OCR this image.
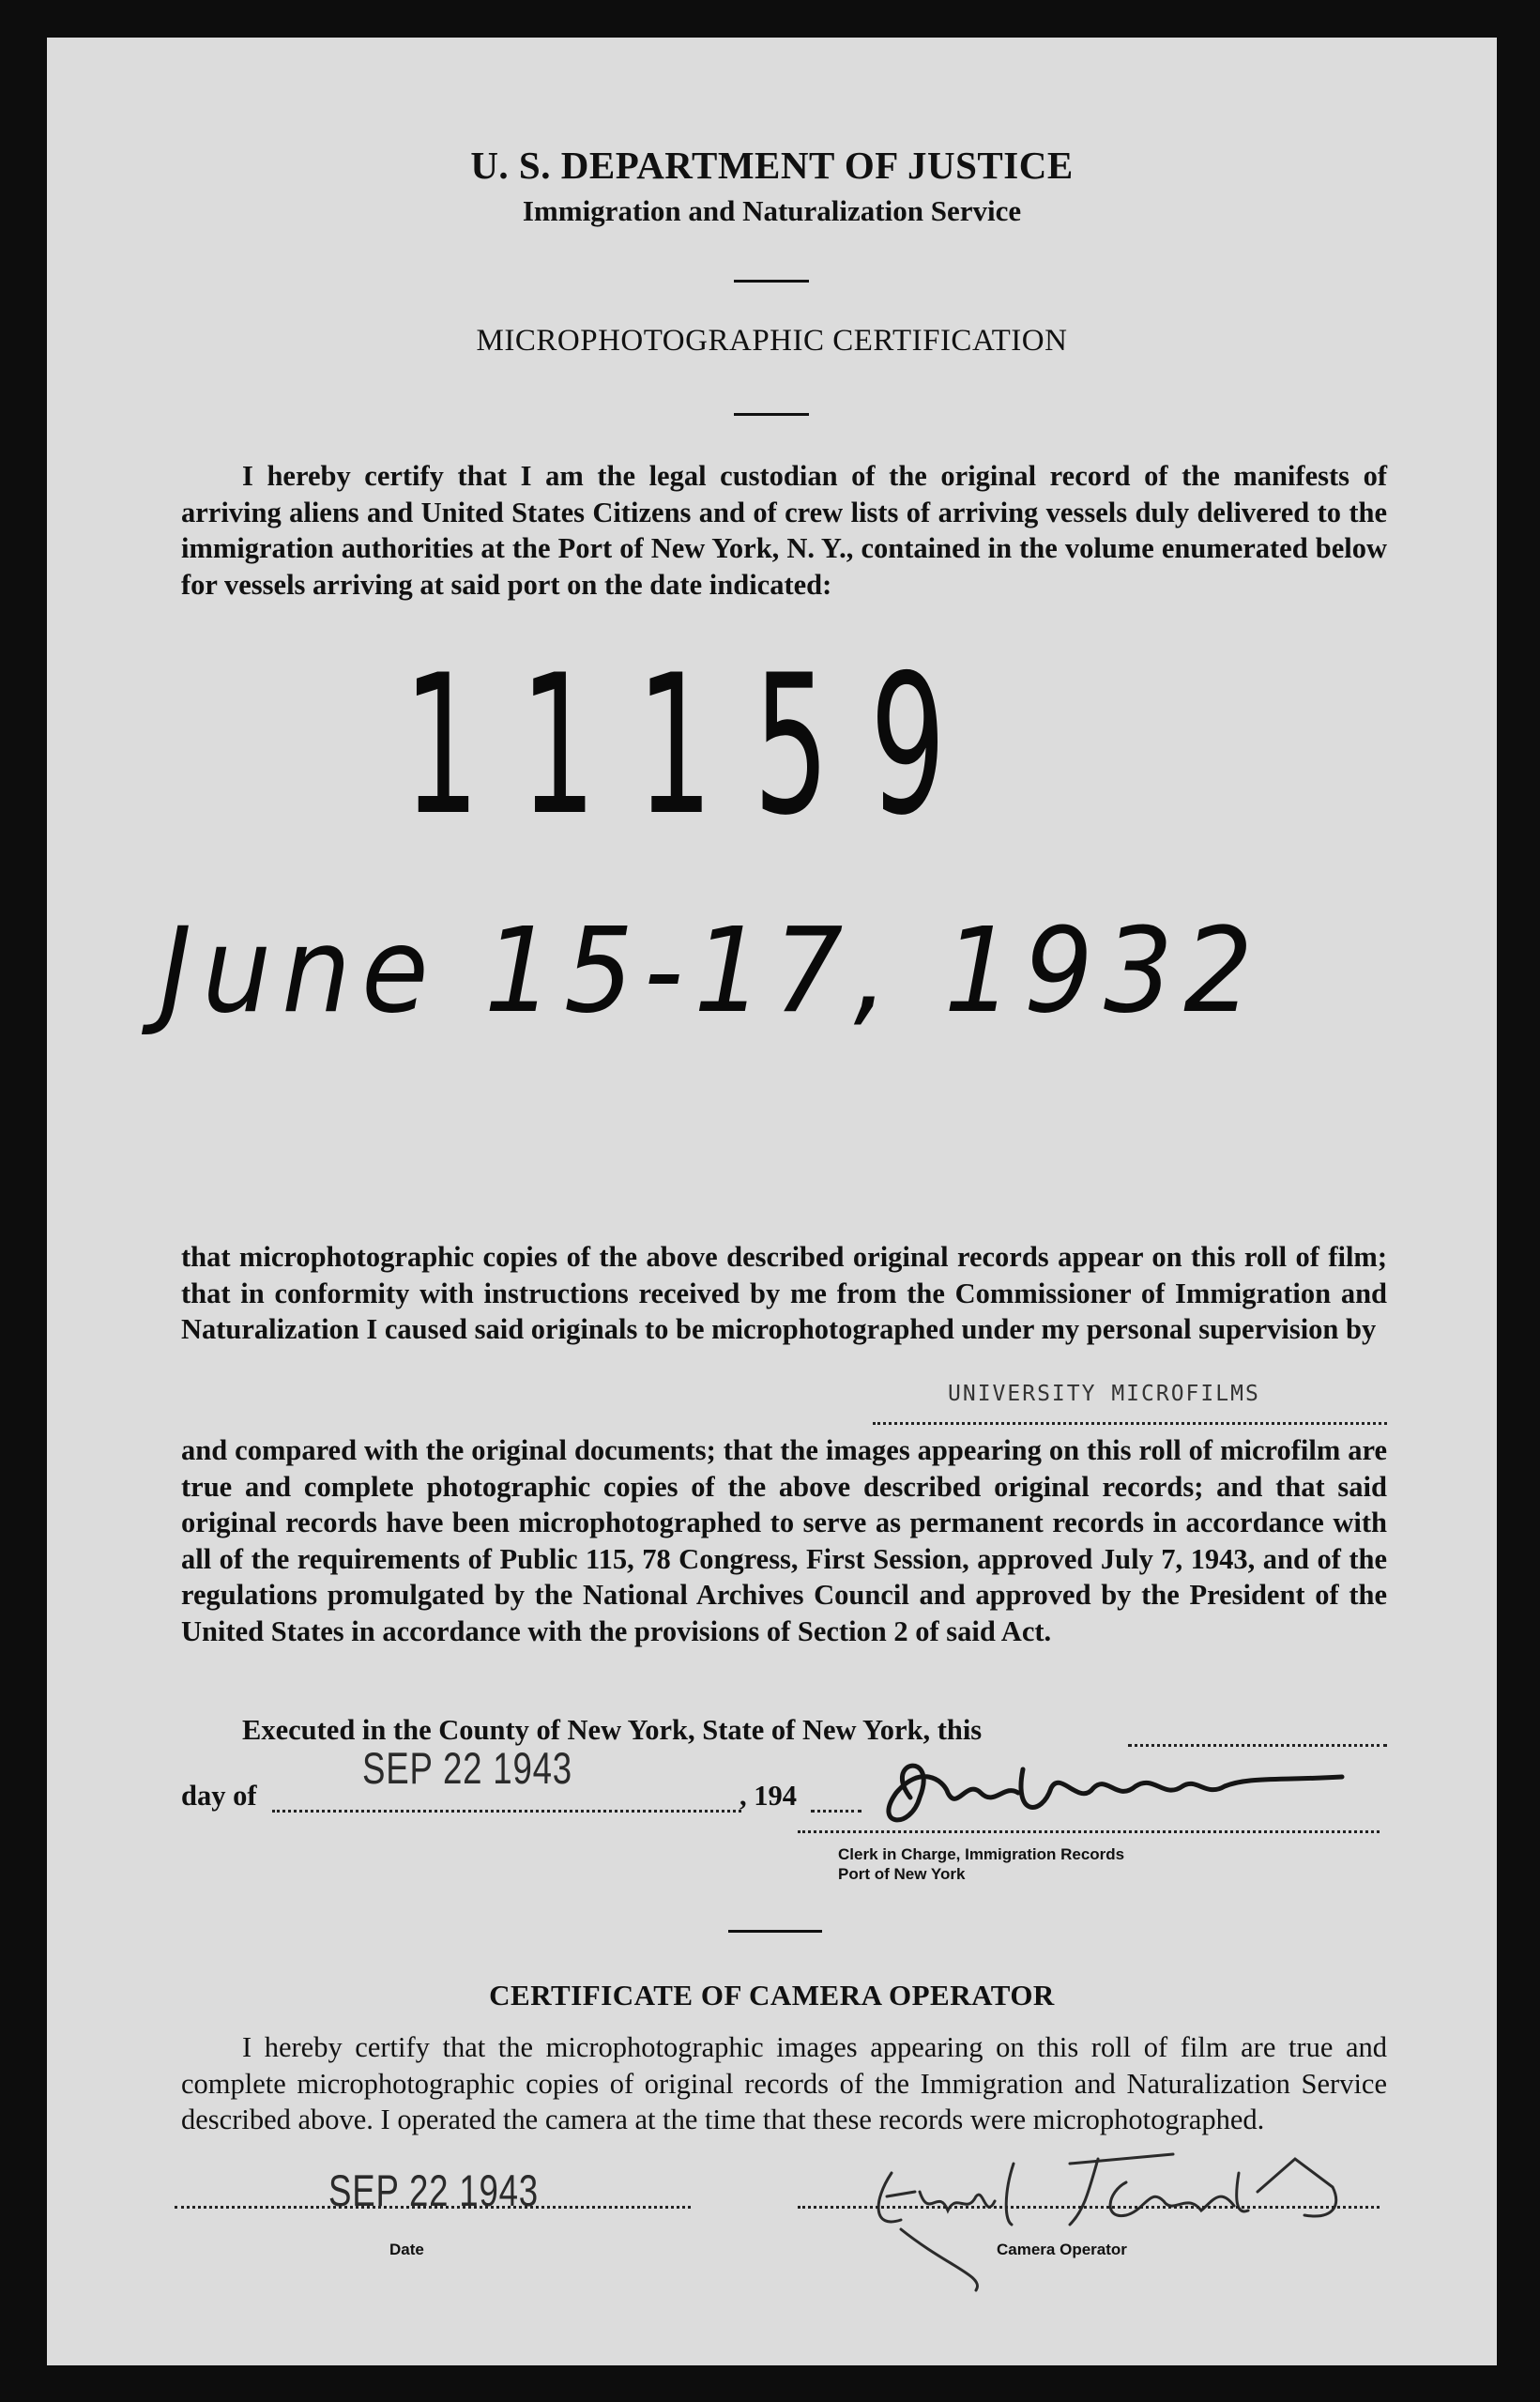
U. S. DEPARTMENT OF JUSTICE
Immigration and Naturalization Service
MICROPHOTOGRAPHIC CERTIFICATION
I hereby certify that I am the legal custodian of the original record of the manifests of arriving aliens and United States Citizens and of crew lists of arriving vessels duly delivered to the immigration authorities at the Port of New York, N. Y., contained in the volume enumerated below for vessels arriving at said port on the date indicated:
11159
June 15-17, 1932
that microphotographic copies of the above described original records appear on this roll of film; that in conformity with instructions received by me from the Commissioner of Immigration and Naturalization I caused said originals to be microphotographed under my personal supervision by
UNIVERSITY MICROFILMS
and compared with the original documents; that the images appearing on this roll of microfilm are true and complete photographic copies of the above described original records; and that said original records have been microphotographed to serve as permanent records in accordance with all of the requirements of Public 115, 78 Congress, First Session, approved July 7, 1943, and of the regulations promulgated by the National Archives Council and approved by the President of the United States in accordance with the provisions of Section 2 of said Act.
Executed in the County of New York, State of New York, this
day of
SEP 22 1943
, 194
Clerk in Charge, Immigration Records
Port of New York
CERTIFICATE OF CAMERA OPERATOR
I hereby certify that the microphotographic images appearing on this roll of film are true and complete microphotographic copies of original records of the Immigration and Naturalization Service described above. I operated the camera at the time that these records were microphotographed.
SEP 22 1943
Date	Camera Operator
